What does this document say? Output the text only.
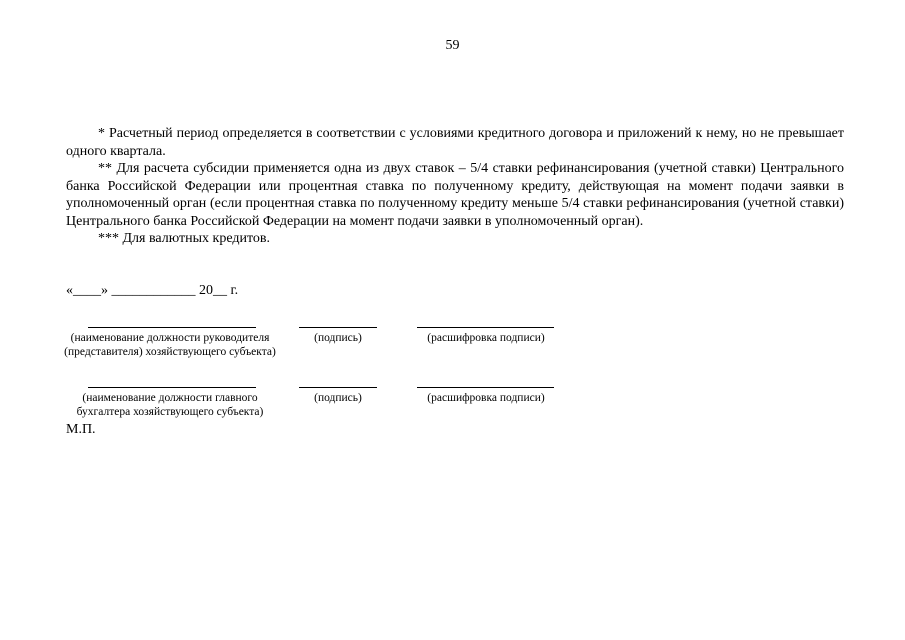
59

* Расчетный период определяется в соответствии с условиями кредитного договора и приложений к нему, но не превышает одного квартала.

** Для расчета субсидии применяется одна из двух ставок – 5/4 ставки рефинансирования (учетной ставки) Центрального банка Российской Федерации или процентная ставка по полученному кредиту, действующая на момент подачи заявки в уполномоченный орган (если процентная ставка по полученному кредиту меньше 5/4 ставки рефинансирования (учетной ставки) Центрального банка Российской Федерации на момент подачи заявки в уполномоченный орган).

*** Для валютных кредитов.

«____» ____________ 20__ г.
(наименование должности руководителя (представителя) хозяйствующего субъекта)
(подпись)	(расшифровка подписи)
(наименование должности главного бухгалтера хозяйствующего субъекта)
(подпись)	(расшифровка подписи)
М.П.
